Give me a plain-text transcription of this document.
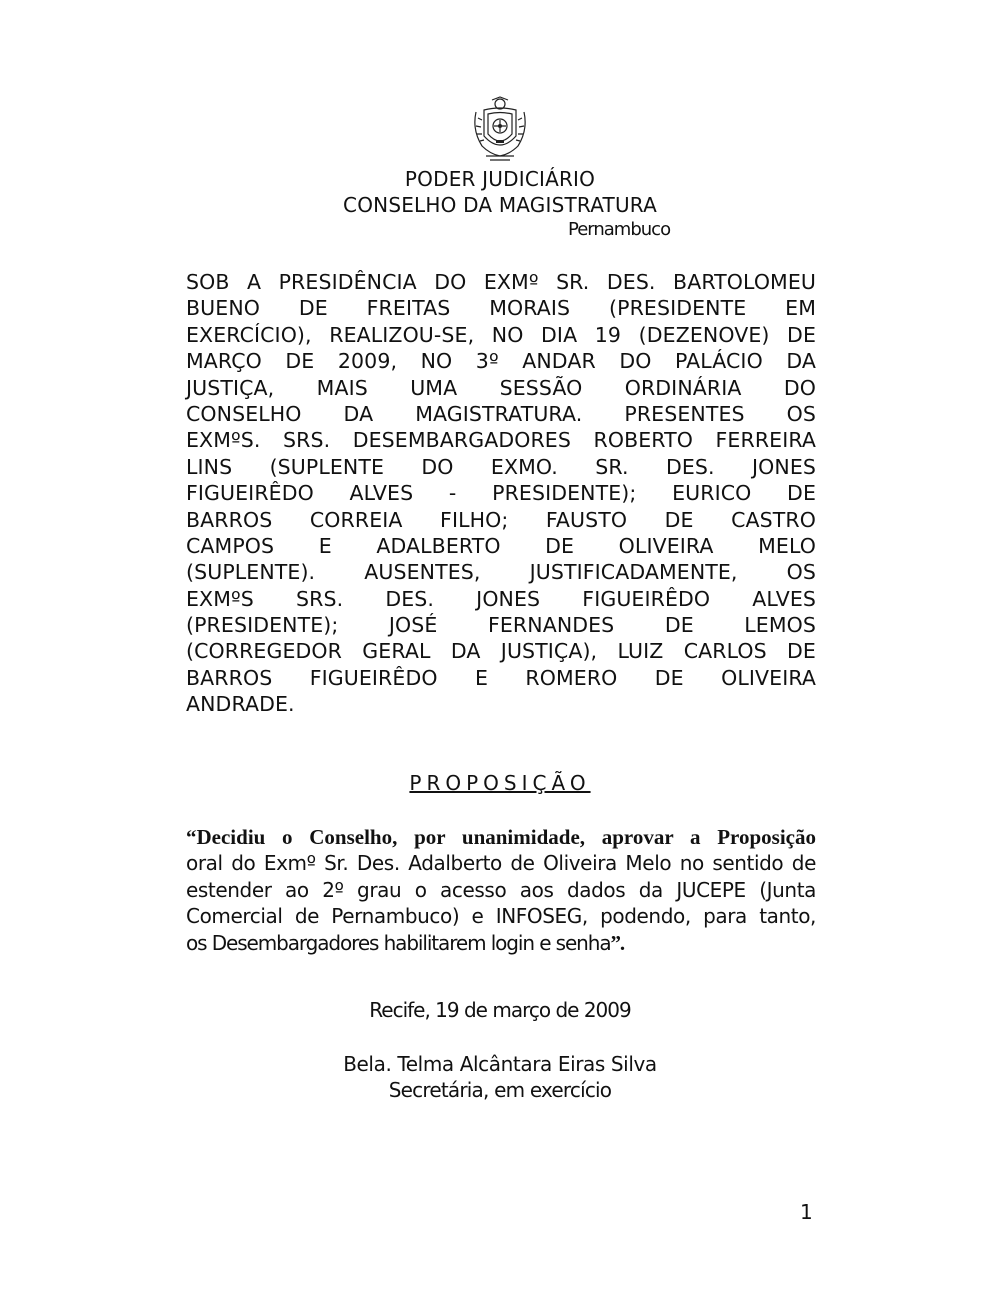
PODER JUDICIÁRIO
CONSELHO DA MAGISTRATURA
Pernambuco
SOB A PRESIDÊNCIA DO EXMº SR. DES. BARTOLOMEU
BUENO DE FREITAS MORAIS (PRESIDENTE EM
EXERCÍCIO), REALIZOU-SE, NO DIA 19 (DEZENOVE) DE
MARÇO DE 2009, NO 3º ANDAR DO PALÁCIO DA
JUSTIÇA, MAIS UMA SESSÃO ORDINÁRIA DO
CONSELHO DA MAGISTRATURA. PRESENTES OS
EXMºS. SRS. DESEMBARGADORES ROBERTO FERREIRA
LINS (SUPLENTE DO EXMO. SR. DES. JONES
FIGUEIRÊDO ALVES - PRESIDENTE); EURICO DE
BARROS CORREIA FILHO; FAUSTO DE CASTRO
CAMPOS E ADALBERTO DE OLIVEIRA MELO
(SUPLENTE). AUSENTES, JUSTIFICADAMENTE, OS
EXMºS SRS. DES. JONES FIGUEIRÊDO ALVES
(PRESIDENTE); JOSÉ FERNANDES DE LEMOS
(CORREGEDOR GERAL DA JUSTIÇA), LUIZ CARLOS DE
BARROS FIGUEIRÊDO E ROMERO DE OLIVEIRA
ANDRADE.
PROPOSIÇÃO
“Decidiu o Conselho, por unanimidade, aprovar a Proposição
oral do Exmº Sr. Des. Adalberto de Oliveira Melo no sentido de
estender ao 2º grau o acesso aos dados da JUCEPE (Junta
Comercial de Pernambuco) e INFOSEG, podendo, para tanto,
os Desembargadores habilitarem login e senha”.
Recife, 19 de março de 2009
Bela. Telma Alcântara Eiras Silva
Secretária, em exercício
1
